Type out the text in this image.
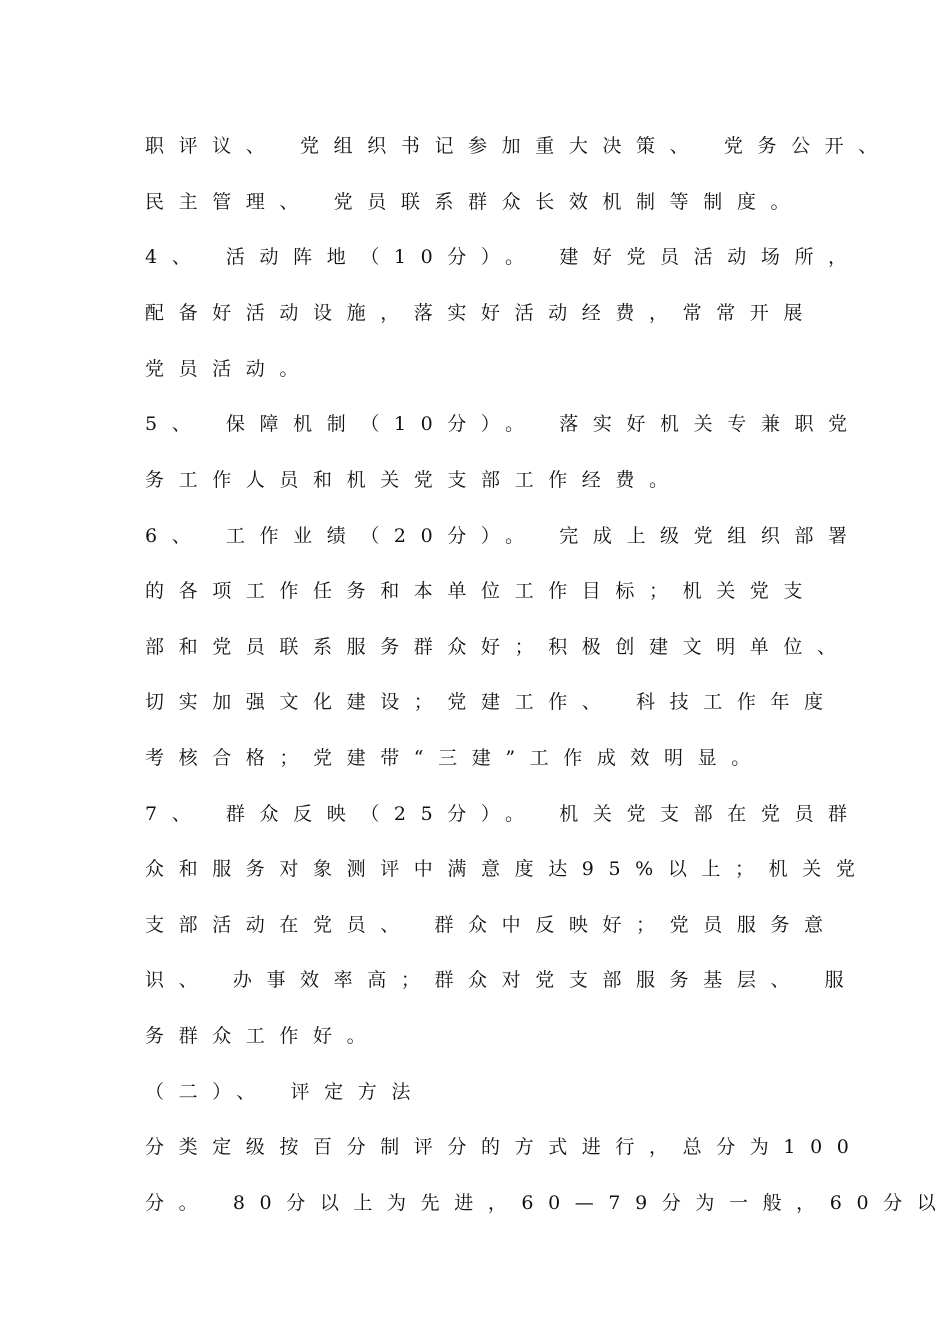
职评议、 党组织书记参加重大决策、 党务公开、
民主管理、 党员联系群众长效机制等制度。
4、 活动阵地（10分）。 建好党员活动场所，
配备好活动设施，落实好活动经费，常常开展
党员活动。
5、 保障机制（10分）。 落实好机关专兼职党
务工作人员和机关党支部工作经费。
6、 工作业绩（20分）。 完成上级党组织部署
的各项工作任务和本单位工作目标；机关党支
部和党员联系服务群众好；积极创建文明单位、
切实加强文化建设；党建工作、 科技工作年度
考核合格；党建带“三建”工作成效明显。
7、 群众反映（25分）。 机关党支部在党员群
众和服务对象测评中满意度达95%以上；机关党
支部活动在党员、 群众中反映好；党员服务意
识、 办事效率高；群众对党支部服务基层、 服
务群众工作好。
（二）、 评定方法
分类定级按百分制评分的方式进行，总分为100
分。 80分以上为先进，60—79分为一般，60分以
